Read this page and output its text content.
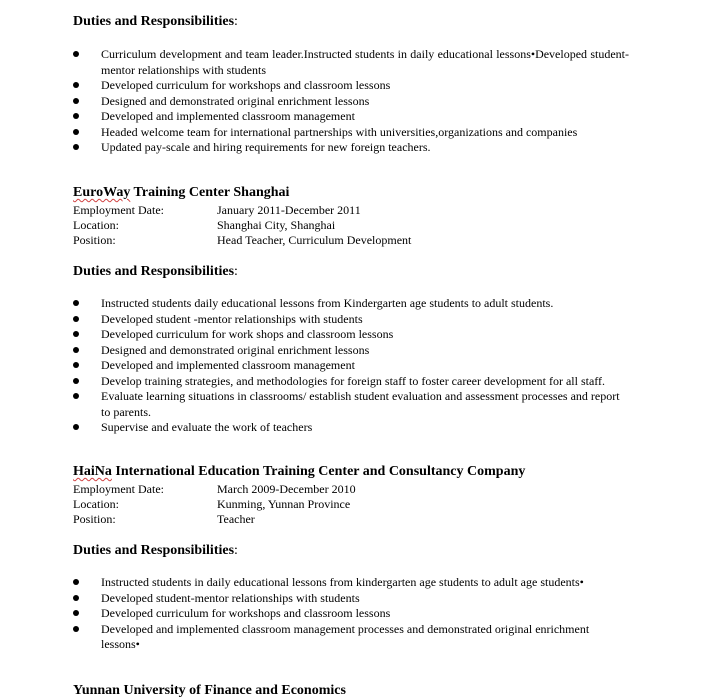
Duties and Responsibilities:
Curriculum development and team leader.Instructed students in daily educational lessons•Developed student-mentor relationships with students
Developed curriculum for workshops and classroom lessons
Designed and demonstrated original enrichment lessons
Developed and implemented classroom management
Headed welcome team for international partnerships with universities,organizations and companies
Updated pay-scale and hiring requirements for new foreign teachers.
EuroWay Training Center Shanghai
Employment Date:	January 2011-December 2011
Location:	Shanghai City, Shanghai
Position:	Head Teacher, Curriculum Development
Duties and Responsibilities:
Instructed students daily educational lessons from Kindergarten age students to adult students.
Developed student -mentor relationships with students
Developed curriculum for work shops and classroom lessons
Designed and demonstrated original enrichment lessons
Developed and implemented classroom management
Develop training strategies, and methodologies for foreign staff to foster career development for all staff.
Evaluate learning situations in classrooms/ establish student evaluation and assessment processes and report to parents.
Supervise and evaluate the work of teachers
HaiNa International Education Training Center and Consultancy Company
Employment Date:	March 2009-December 2010
Location:	Kunming, Yunnan Province
Position:	Teacher
Duties and Responsibilities:
Instructed students in daily educational lessons from kindergarten age students to adult age students•
Developed student-mentor relationships with students
Developed curriculum for workshops and classroom lessons
Developed and implemented classroom management processes and demonstrated original enrichment lessons•
Yunnan University of Finance and Economics
